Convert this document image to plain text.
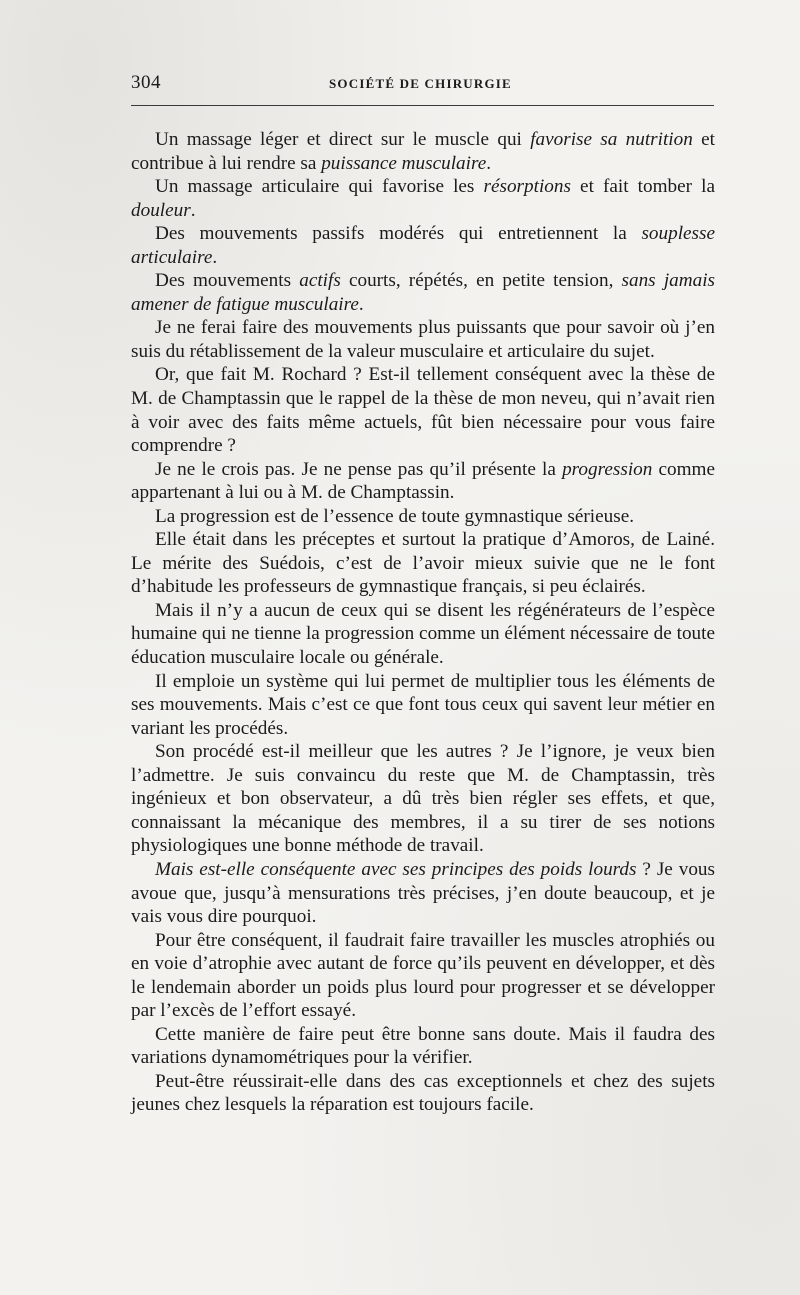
304	SOCIÉTÉ DE CHIRURGIE

Un massage léger et direct sur le muscle qui favorise sa nutrition et contribue à lui rendre sa puissance musculaire.

Un massage articulaire qui favorise les résorptions et fait tomber la douleur.

Des mouvements passifs modérés qui entretiennent la souplesse articulaire.

Des mouvements actifs courts, répétés, en petite tension, sans jamais amener de fatigue musculaire.

Je ne ferai faire des mouvements plus puissants que pour savoir où j’en suis du rétablissement de la valeur musculaire et articulaire du sujet.

Or, que fait M. Rochard ? Est-il tellement conséquent avec la thèse de M. de Champtassin que le rappel de la thèse de mon neveu, qui n’avait rien à voir avec des faits même actuels, fût bien nécessaire pour vous faire comprendre ?

Je ne le crois pas. Je ne pense pas qu’il présente la progression comme appartenant à lui ou à M. de Champtassin.

La progression est de l’essence de toute gymnastique sérieuse.

Elle était dans les préceptes et surtout la pratique d’Amoros, de Lainé. Le mérite des Suédois, c’est de l’avoir mieux suivie que ne le font d’habitude les professeurs de gymnastique français, si peu éclairés.

Mais il n’y a aucun de ceux qui se disent les régénérateurs de l’espèce humaine qui ne tienne la progression comme un élément nécessaire de toute éducation musculaire locale ou générale.

Il emploie un système qui lui permet de multiplier tous les éléments de ses mouvements. Mais c’est ce que font tous ceux qui savent leur métier en variant les procédés.

Son procédé est-il meilleur que les autres ? Je l’ignore, je veux bien l’admettre. Je suis convaincu du reste que M. de Champtassin, très ingénieux et bon observateur, a dû très bien régler ses effets, et que, connaissant la mécanique des membres, il a su tirer de ses notions physiologiques une bonne méthode de travail.

Mais est-elle conséquente avec ses principes des poids lourds ? Je vous avoue que, jusqu’à mensurations très précises, j’en doute beaucoup, et je vais vous dire pourquoi.

Pour être conséquent, il faudrait faire travailler les muscles atrophiés ou en voie d’atrophie avec autant de force qu’ils peuvent en développer, et dès le lendemain aborder un poids plus lourd pour progresser et se développer par l’excès de l’effort essayé.

Cette manière de faire peut être bonne sans doute. Mais il faudra des variations dynamométriques pour la vérifier.

Peut-être réussirait-elle dans des cas exceptionnels et chez des sujets jeunes chez lesquels la réparation est toujours facile.
